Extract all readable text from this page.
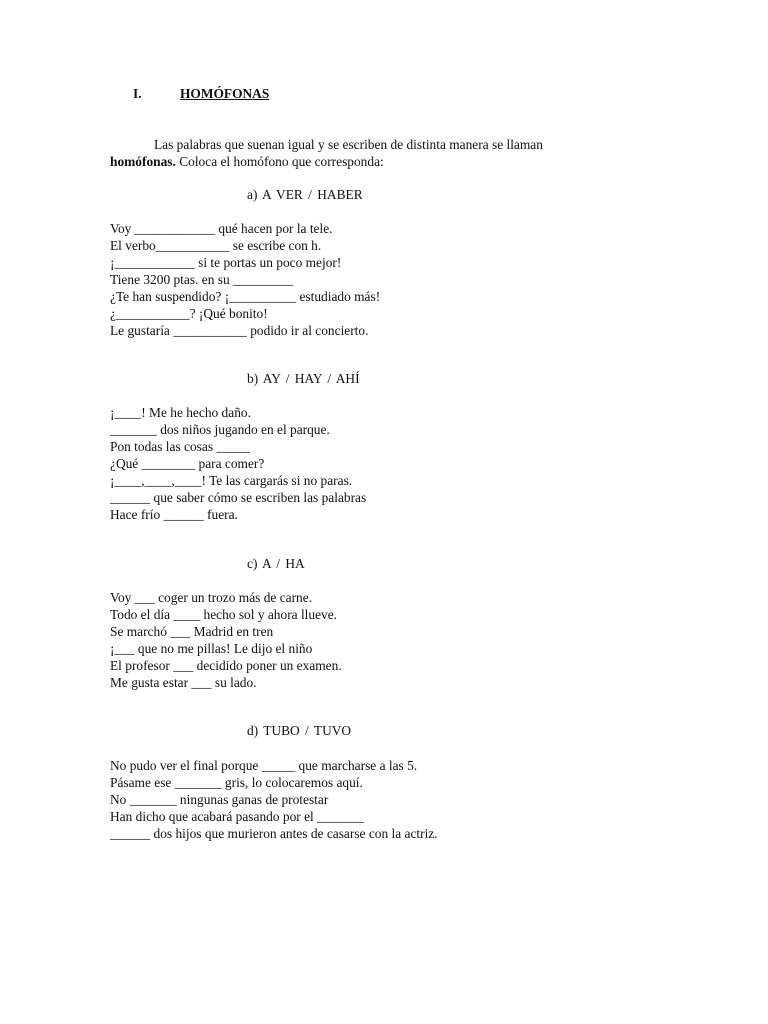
I.	HOMÓFONAS
Las palabras que suenan igual y se escriben de distinta manera se llaman
homófonas. Coloca el homófono que corresponda:
a) A VER / HABER
Voy ____________ qué hacen por la tele.
El verbo___________ se escribe con h.
¡____________ si te portas un poco mejor!
Tiene 3200 ptas. en su _________
¿Te han suspendido? ¡__________ estudiado más!
¿___________? ¡Qué bonito!
Le gustaría ___________ podido ir al concierto.
b) AY / HAY / AHÍ
¡____! Me he hecho daño.
_______ dos niños jugando en el parque.
Pon todas las cosas _____
¿Qué ________ para comer?
¡____,____,____! Te las cargarás si no paras.
______ que saber cómo se escriben las palabras
Hace frío ______ fuera.
c) A / HA
Voy ___ coger un trozo más de carne.
Todo el día ____ hecho sol y ahora llueve.
Se marchó ___ Madrid en tren
¡___ que no me pillas! Le dijo el niño
El profesor ___ decidido poner un examen.
Me gusta estar ___ su lado.
d) TUBO / TUVO
No pudo ver el final porque _____ que marcharse a las 5.
Pásame ese _______ gris, lo colocaremos aquí.
No _______ ningunas ganas de protestar
Han dicho que acabará pasando por el _______
______ dos hijos que murieron antes de casarse con la actriz.
